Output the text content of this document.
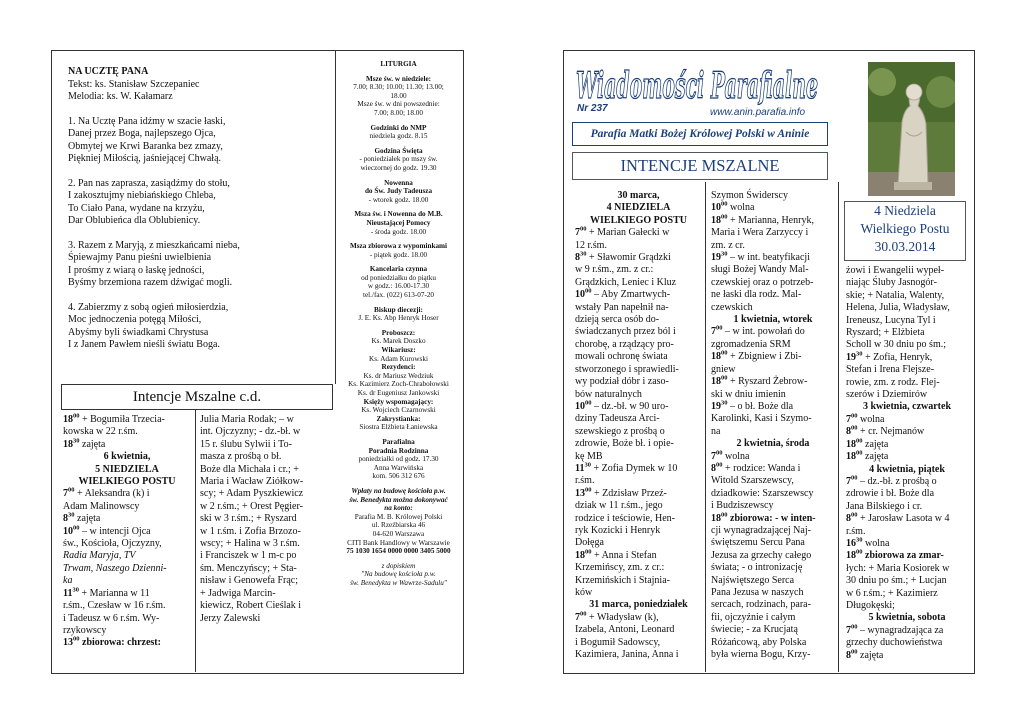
NA UCZTĘ PANA

Tekst: ks. Stanisław Szczepaniec

Melodia: ks. W. Kałamarz

1. Na Ucztę Pana idźmy w szacie łaski,

Danej przez Boga, najlepszego Ojca,

Obmytej we Krwi Baranka bez zmazy,

Piękniej Miłością, jaśniejącej Chwałą.

2. Pan nas zaprasza, zasiądźmy do stołu,

I zakosztujmy niebiańskiego Chleba,

To Ciało Pana, wydane na krzyżu,

Dar Oblubieńca dla Oblubienicy.

3. Razem z Maryją, z mieszkańcami nieba,

Śpiewajmy Panu pieśni uwielbienia

I prośmy z wiarą o łaskę jedności,

Byśmy brzemiona razem dźwigać mogli.

4. Zabierzmy z sobą ogień miłosierdzia,

Moc jednoczenia potęgą Miłości,

Abyśmy byli świadkami Chrystusa

I z Janem Pawłem nieśli światu Boga.

LITURGIA
Msze św. w niedziele:
7.00; 8.30; 10.00; 11.30; 13.00;
18.00
Msze św. w dni powszednie:
7.00; 8.00; 18.00
Godzinki do NMP
niedziela godz. 8.15
Godzina Święta
- poniedziałek po mszy św.
wieczornej do godz. 19.30
Nowenna
do Św. Judy Tadeusza
- wtorek godz. 18.00
Msza św. i Nowenna do M.B.
Nieustającej Pomocy
- środa godz. 18.00
Msza zbiorowa z wypominkami
- piątek godz. 18.00
Kancelaria czynna
od poniedziałku do piątku
w godz.: 16.00-17.30
tel./fax. (022) 613-07-20
Biskup diecezji:
J. E. Ks. Abp Henryk Hoser
Proboszcz:
Ks. Marek Doszko
Wikariusz:
Ks. Adam Kurowski
Rezydenci:
Ks. dr Mariusz Wedziuk
Ks. Kazimierz Zoch-Chrabołowski
Ks. dr Eugeniusz Jankowski
Księży wspomagający:
Ks. Wojciech Czarnowski
Zakrystianka:
Siostra Elżbieta Łaniewska
Parafialna
Poradnia Rodzinna
poniedziałki od godz. 17.30
Anna Warwińska
kom. 506 312 676
Wpłaty na budowę kościoła p.w.
św. Benedykta można dokonywać
na konto:
Parafia M. B. Królowej Polski
ul. Rzeźbiarska 46
04-620 Warszawa
CITI Bank Handlowy w Warszawie
75 1030 1654 0000 0000 3405 5000
z dopiskiem
"Na budowę kościoła p.w.
św. Benedykta w Wawrze-Sadulu"
Intencje Mszalne c.d.
$18^{00}$ + Bogumiła Trzecia-
kowska w 22 r.śm.
$18^{30}$ zajęta
6 kwietnia,
5 NIEDZIELA
WIELKIEGO POSTU
$7^{00}$ + Aleksandra (k) i
Adam Malinowscy
$8^{30}$ zajęta
$10^{00}$ – w intencji Ojca
św., Kościoła, Ojczyzny,
Radia Maryja, TV
Trwam, Naszego Dzienni-
ka
$11^{30}$ + Marianna w 11
r.śm., Czesław w 16 r.śm.
i Tadeusz w 6 r.śm. Wy-
rzykowscy
$13^{00}$ zbiorowa: chrzest:
Julia Maria Rodak; – w
int. Ojczyzny; - dz.-bł. w
15 r. ślubu Sylwii i To-
masza z prośbą o bł.
Boże dla Michała i cr.; +
Maria i Wacław Ziółkow-
scy; + Adam Pyszkiewicz
w 2 r.śm.; + Orest Pęgier-
ski w 3 r.śm.; + Ryszard
w 1 r.śm. i Zofia Brzozo-
wscy; + Halina w 3 r.śm.
i Franciszek w 1 m-c po
śm. Menczyńscy; + Sta-
nisław i Genowefa Frąc;
+ Jadwiga Marcin-
kiewicz, Robert Cieślak i
Jerzy Zalewski
Wiadomości Parafialne
Nr 237	www.anin.parafia.info
Parafia Matki Bożej Królowej Polski w Aninie
INTENCJE MSZALNE
4 Niedziela
Wielkiego Postu
30.03.2014
30 marca,
4 NIEDZIELA
WIELKIEGO POSTU
$7^{00}$ + Marian Gałecki w
12 r.śm.
$8^{30}$ + Sławomir Grądzki
w 9 r.śm., zm. z cr.:
Grądzkich, Leniec i Kluz
$10^{00}$ – Aby Zmartwych-
wstały Pan napełnił na-
dzieją serca osób do-
świadczanych przez ból i
chorobę, a rządzący pro-
mowali ochronę świata
stworzonego i sprawiedli-
wy podział dóbr i zaso-
bów naturalnych
$10^{00}$ – dz.-bł. w 90 uro-
dziny Tadeusza Arci-
szewskiego z prośbą o
zdrowie, Boże bł. i opie-
kę MB
$11^{30}$ + Zofia Dymek w 10
r.śm.
$13^{00}$ + Zdzisław Przeź-
dziak w 11 r.śm., jego
rodzice i teściowie, Hen-
ryk Kozicki i Henryk
Dołęga
$18^{00}$ + Anna i Stefan
Krzemińscy, zm. z cr.:
Krzemińskich i Stajnia-
ków
31 marca, poniedziałek
$7^{00}$ + Władysław (k),
Izabela, Antoni, Leonard
i Bogumił Sadowscy,
Kazimiera, Janina, Anna i
Szymon Świderscy
$10^{00}$ wolna
$18^{00}$ + Marianna, Henryk,
Maria i Wera Zarzyccy i
zm. z cr.
$19^{30}$ – w int. beatyfikacji
sługi Bożej Wandy Mal-
czewskiej oraz o potrzeb-
ne łaski dla rodz. Mal-
czewskich
1 kwietnia, wtorek
$7^{00}$ – w int. powołań do
zgromadzenia SRM
$18^{00}$ + Zbigniew i Zbi-
gniew
$18^{00}$ + Ryszard Żebrow-
ski w dniu imienin
$19^{30}$ – o bł. Boże dla
Karolinki, Kasi i Szymo-
na
2 kwietnia, środa
$7^{00}$ wolna
$8^{00}$ + rodzice: Wanda i
Witold Szarszewscy,
dziadkowie: Szarszewscy
i Budziszewscy
$18^{00}$ zbiorowa: - w inten-
cji wynagradzającej Naj-
świętszemu Sercu Pana
Jezusa za grzechy całego
świata; - o intronizację
Najświętszego Serca
Pana Jezusa w naszych
sercach, rodzinach, para-
fii, ojczyźnie i całym
świecie; - za Krucjatą
Różańcową, aby Polska
była wierna Bogu, Krzy-
żowi i Ewangelii wypeł-
niając Śluby Jasnogór-
skie; + Natalia, Walenty,
Helena, Julia, Władysław,
Ireneusz, Lucyna Tyl i
Ryszard; + Elżbieta
Scholl w 30 dniu po śm.;
$19^{30}$ + Zofia, Henryk,
Stefan i Irena Flejsze-
rowie, zm. z rodz. Flej-
szerów i Dziemirów
3 kwietnia, czwartek
$7^{00}$ wolna
$8^{00}$ + cr. Nejmanów
$18^{00}$ zajęta
$18^{00}$ zajęta
4 kwietnia, piątek
$7^{00}$ – dz.-bł. z prośbą o
zdrowie i bł. Boże dla
Jana Bilskiego i cr.
$8^{00}$ + Jarosław Lasota w 4
r.śm.
$16^{30}$ wolna
$18^{00}$ zbiorowa za zmar-
łych: + Maria Kosiorek w
30 dniu po śm.; + Lucjan
w 6 r.śm.; + Kazimierz
Długokęski;
5 kwietnia, sobota
$7^{00}$ – wynagradzająca za
grzechy duchowieństwa
$8^{00}$ zajęta
